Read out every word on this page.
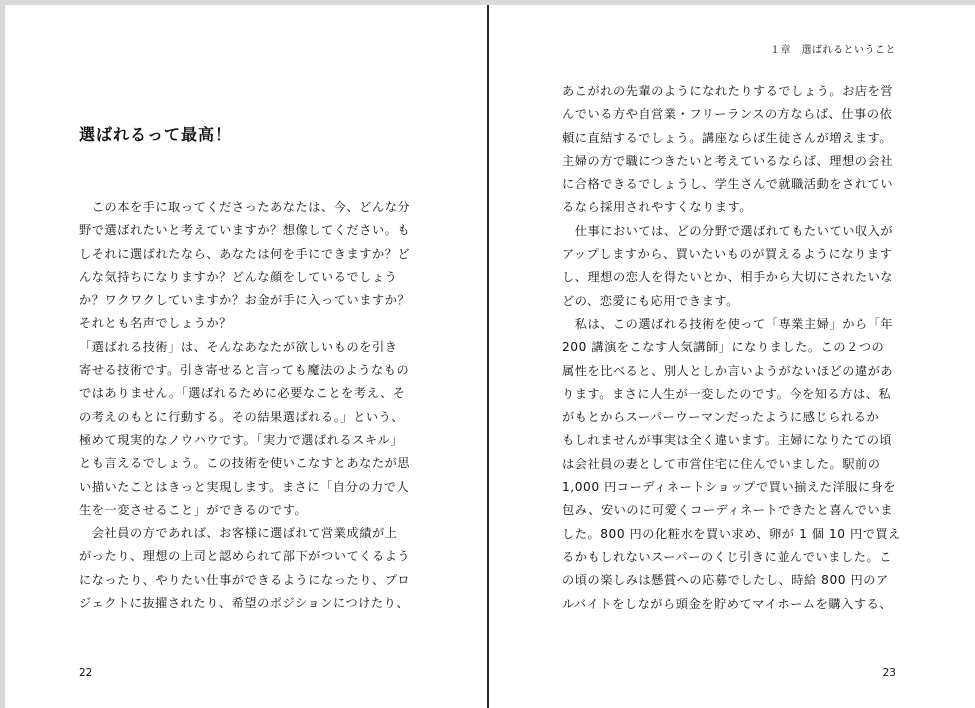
選ばれるって最高！
　この本を手に取ってくださったあなたは、今、どんな分
野で選ばれたいと考えていますか？想像してください。も
しそれに選ばれたなら、あなたは何を手にできますか？ど
んな気持ちになりますか？どんな顔をしているでしょう
か？ワクワクしていますか？お金が手に入っていますか？
それとも名声でしょうか？
「選ばれる技術」は、そんなあなたが欲しいものを引き
寄せる技術です。引き寄せると言っても魔法のようなもの
ではありません。「選ばれるために必要なことを考え、そ
の考えのもとに行動する。その結果選ばれる。」という、
極めて現実的なノウハウです。「実力で選ばれるスキル」
とも言えるでしょう。この技術を使いこなすとあなたが思
い描いたことはきっと実現します。まさに「自分の力で人
生を一変させること」ができるのです。
　会社員の方であれば、お客様に選ばれて営業成績が上
がったり、理想の上司と認められて部下がついてくるよう
になったり、やりたい仕事ができるようになったり、プロ
ジェクトに抜擢されたり、希望のポジションにつけたり、

22

１章　選ばれるということ

あこがれの先輩のようになれたりするでしょう。お店を営
んでいる方や自営業・フリーランスの方ならば、仕事の依
頼に直結するでしょう。講座ならば生徒さんが増えます。
主婦の方で職につきたいと考えているならば、理想の会社
に合格できるでしょうし、学生さんで就職活動をされてい
るなら採用されやすくなります。
　仕事においては、どの分野で選ばれてもたいてい収入が
アップしますから、買いたいものが買えるようになります
し、理想の恋人を得たいとか、相手から大切にされたいな
どの、恋愛にも応用できます。
　私は、この選ばれる技術を使って「専業主婦」から「年
200 講演をこなす人気講師」になりました。この２つの
属性を比べると、別人としか言いようがないほどの違があ
ります。まさに人生が一変したのです。今を知る方は、私
がもとからスーパーウーマンだったように感じられるか
もしれませんが事実は全く違います。主婦になりたての頃
は会社員の妻として市営住宅に住んでいました。駅前の
1,000 円コーディネートショップで買い揃えた洋服に身を
包み、安いのに可愛くコーディネートできたと喜んでいま
した。800 円の化粧水を買い求め、卵が 1 個 10 円で買え
るかもしれないスーパーのくじ引きに並んでいました。こ
の頃の楽しみは懸賞への応募でしたし、時給 800 円のア
ルバイトをしながら頭金を貯めてマイホームを購入する、

23
